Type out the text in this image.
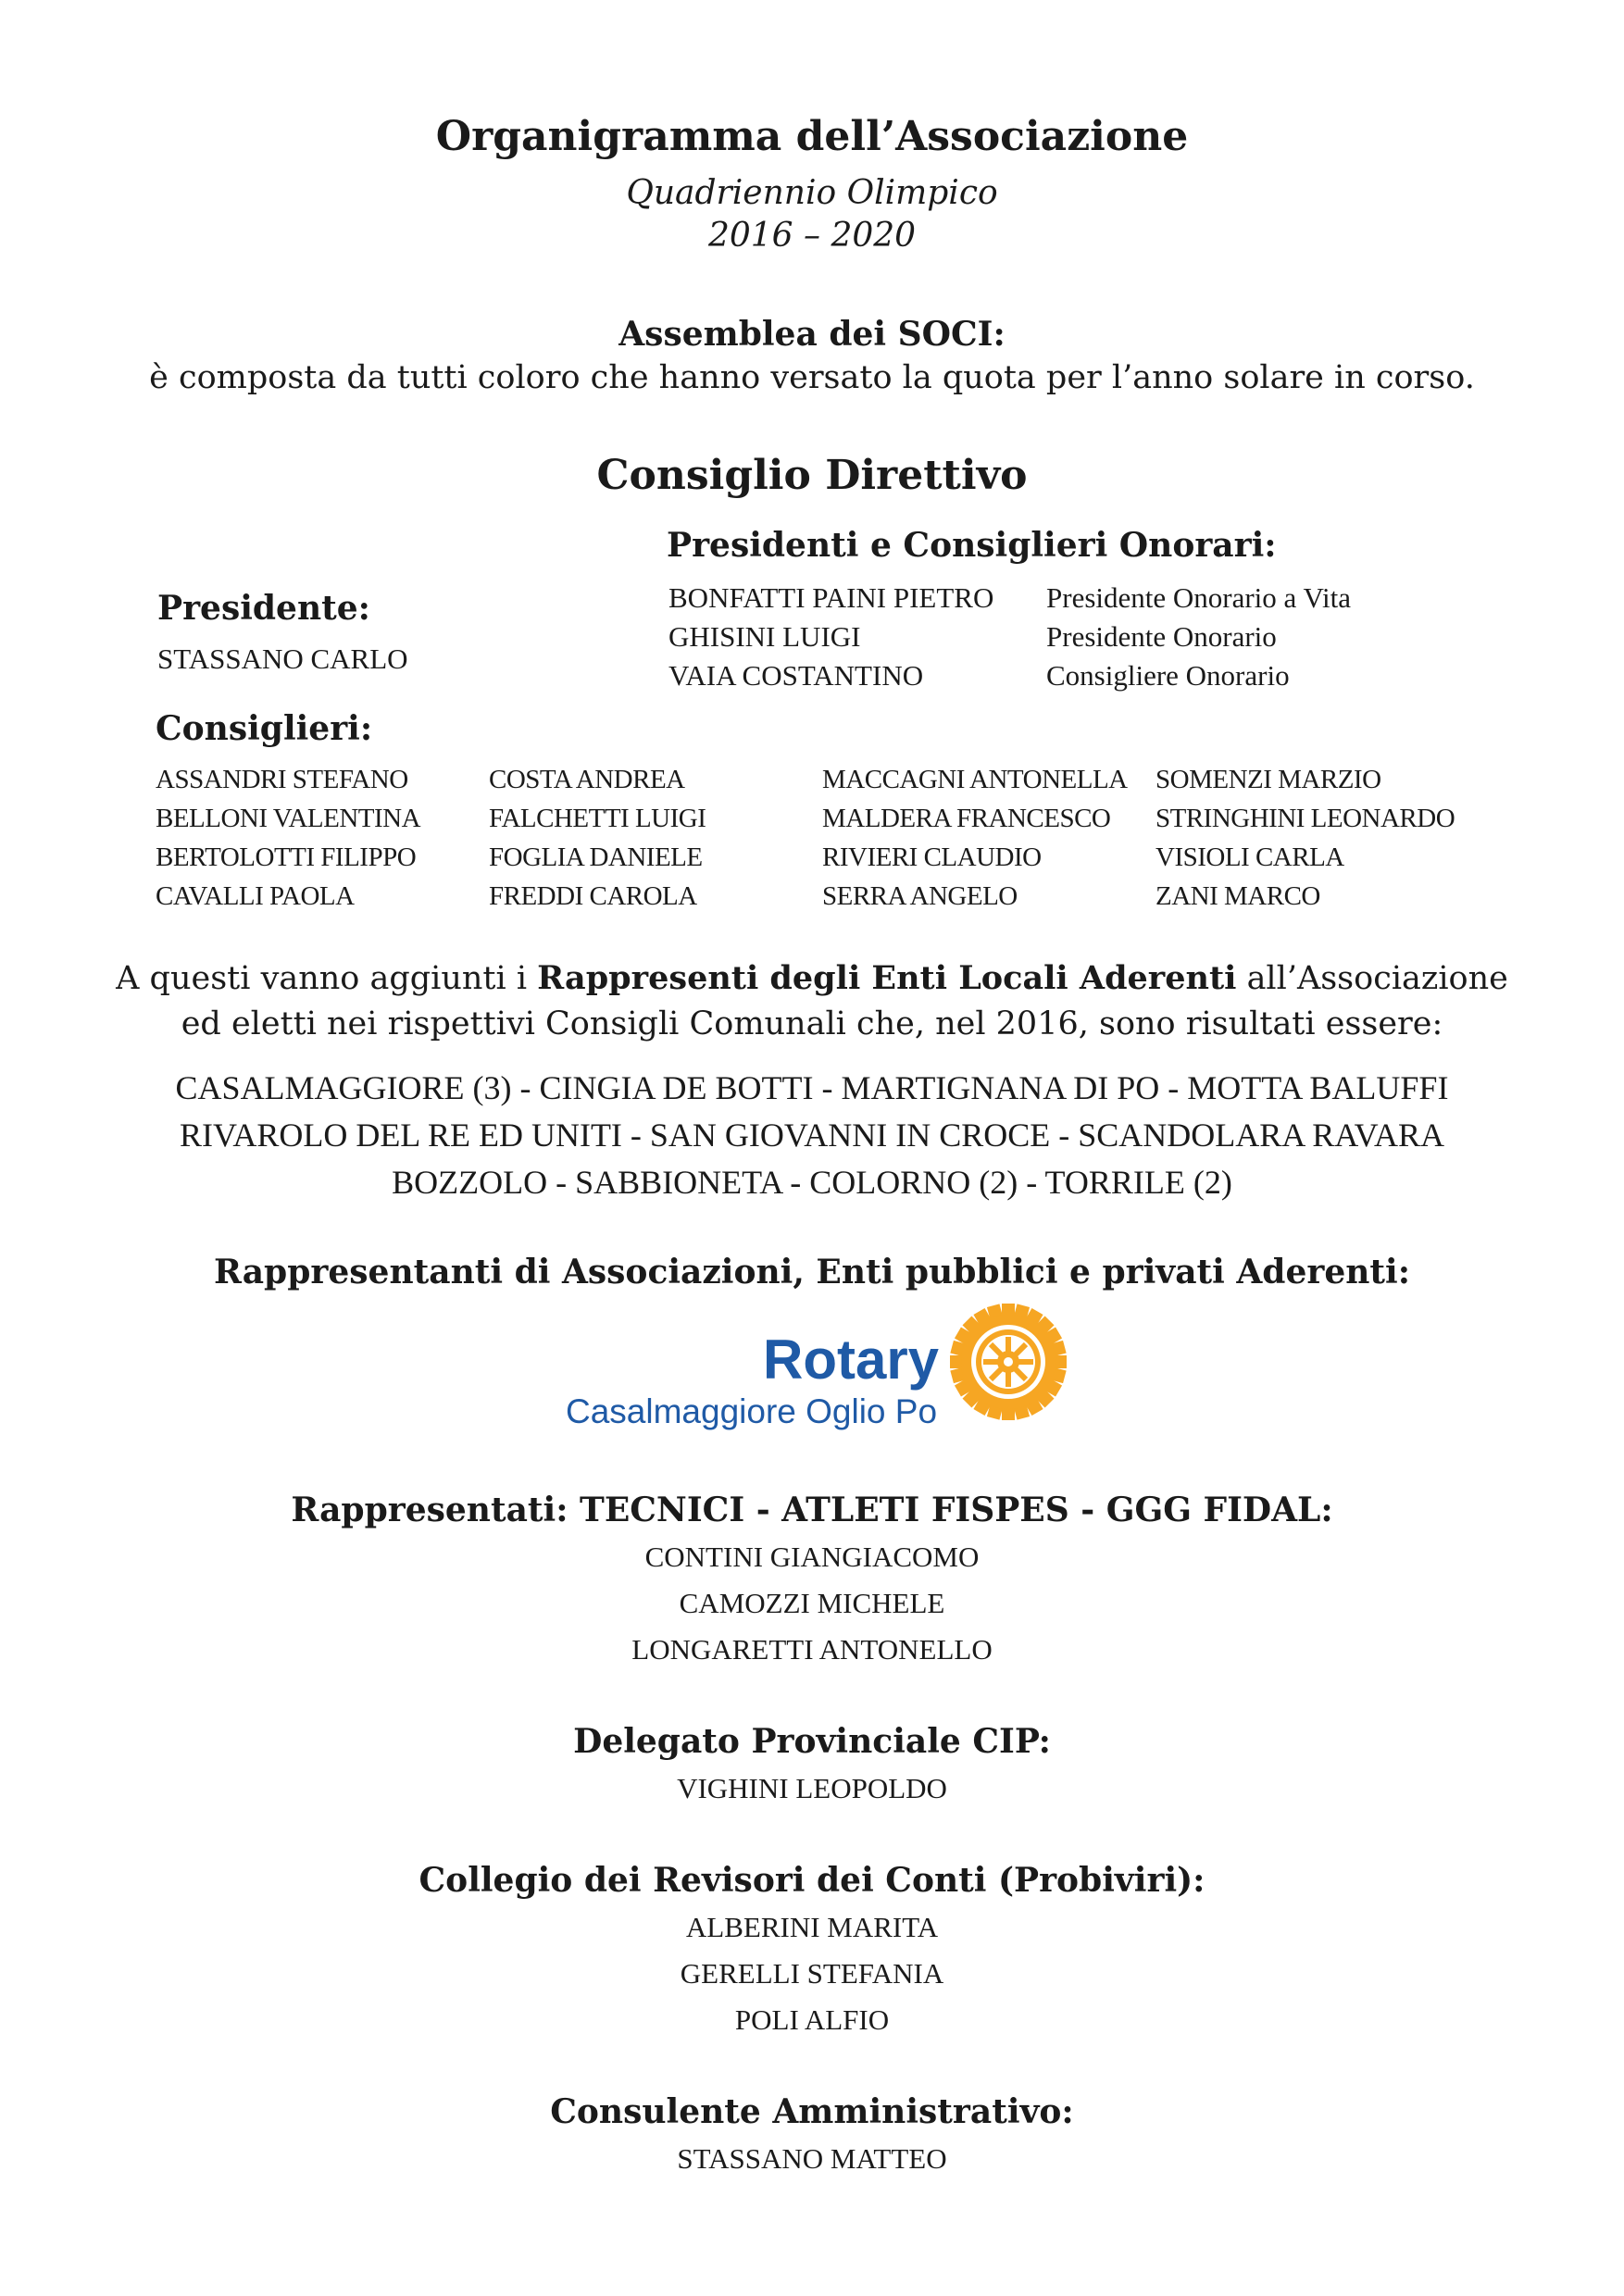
Organigramma dell’Associazione
Quadriennio Olimpico
2016 – 2020
Assemblea dei SOCI:
è composta da tutti coloro che hanno versato la quota per l’anno solare in corso.
Consiglio Direttivo
Presidenti e Consiglieri Onorari:
BONFATTI PAINI PIETRO Presidente Onorario a Vita
GHISINI LUIGI	Presidente Onorario
VAIA COSTANTINO	Consigliere Onorario
Presidente:
STASSANO CARLO
Consiglieri:
ASSANDRI STEFANO
BELLONI VALENTINA
BERTOLOTTI FILIPPO
CAVALLI PAOLA
COSTA ANDREA
FALCHETTI LUIGI
FOGLIA DANIELE
FREDDI CAROLA
MACCAGNI ANTONELLA
MALDERA FRANCESCO
RIVIERI CLAUDIO
SERRA ANGELO
SOMENZI MARZIO
STRINGHINI LEONARDO
VISIOLI CARLA
ZANI MARCO
A questi vanno aggiunti i Rappresenti degli Enti Locali Aderenti all’Associazione
ed eletti nei rispettivi Consigli Comunali che, nel 2016, sono risultati essere:
CASALMAGGIORE (3) - CINGIA DE BOTTI - MARTIGNANA DI PO - MOTTA BALUFFI
RIVAROLO DEL RE ED UNITI - SAN GIOVANNI IN CROCE - SCANDOLARA RAVARA
BOZZOLO - SABBIONETA - COLORNO (2) - TORRILE (2)
Rappresentanti di Associazioni, Enti pubblici e privati Aderenti:
Rotary
Casalmaggiore Oglio Po
Rappresentati: TECNICI - ATLETI FISPES - GGG FIDAL:
CONTINI GIANGIACOMO
CAMOZZI MICHELE
LONGARETTI ANTONELLO
Delegato Provinciale CIP:
VIGHINI LEOPOLDO
Collegio dei Revisori dei Conti (Probiviri):
ALBERINI MARITA
GERELLI STEFANIA
POLI ALFIO
Consulente Amministrativo:
STASSANO MATTEO
